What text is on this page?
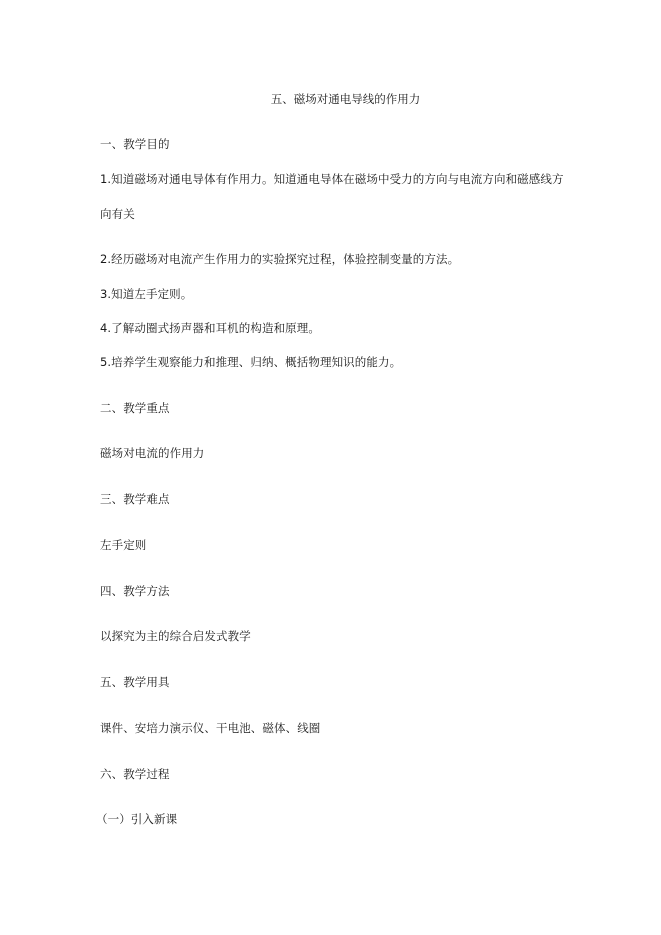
五、磁场对通电导线的作用力
一、教学目的
1.知道磁场对通电导体有作用力。知道通电导体在磁场中受力的方向与电流方向和磁感线方
向有关
2.经历磁场对电流产生作用力的实验探究过程，体验控制变量的方法。
3.知道左手定则。
4.了解动圈式扬声器和耳机的构造和原理。
5.培养学生观察能力和推理、归纳、概括物理知识的能力。
二、教学重点
磁场对电流的作用力
三、教学难点
左手定则
四、教学方法
以探究为主的综合启发式教学
五、教学用具
课件、安培力演示仪、干电池、磁体、线圈
六、教学过程
（一）引入新课
